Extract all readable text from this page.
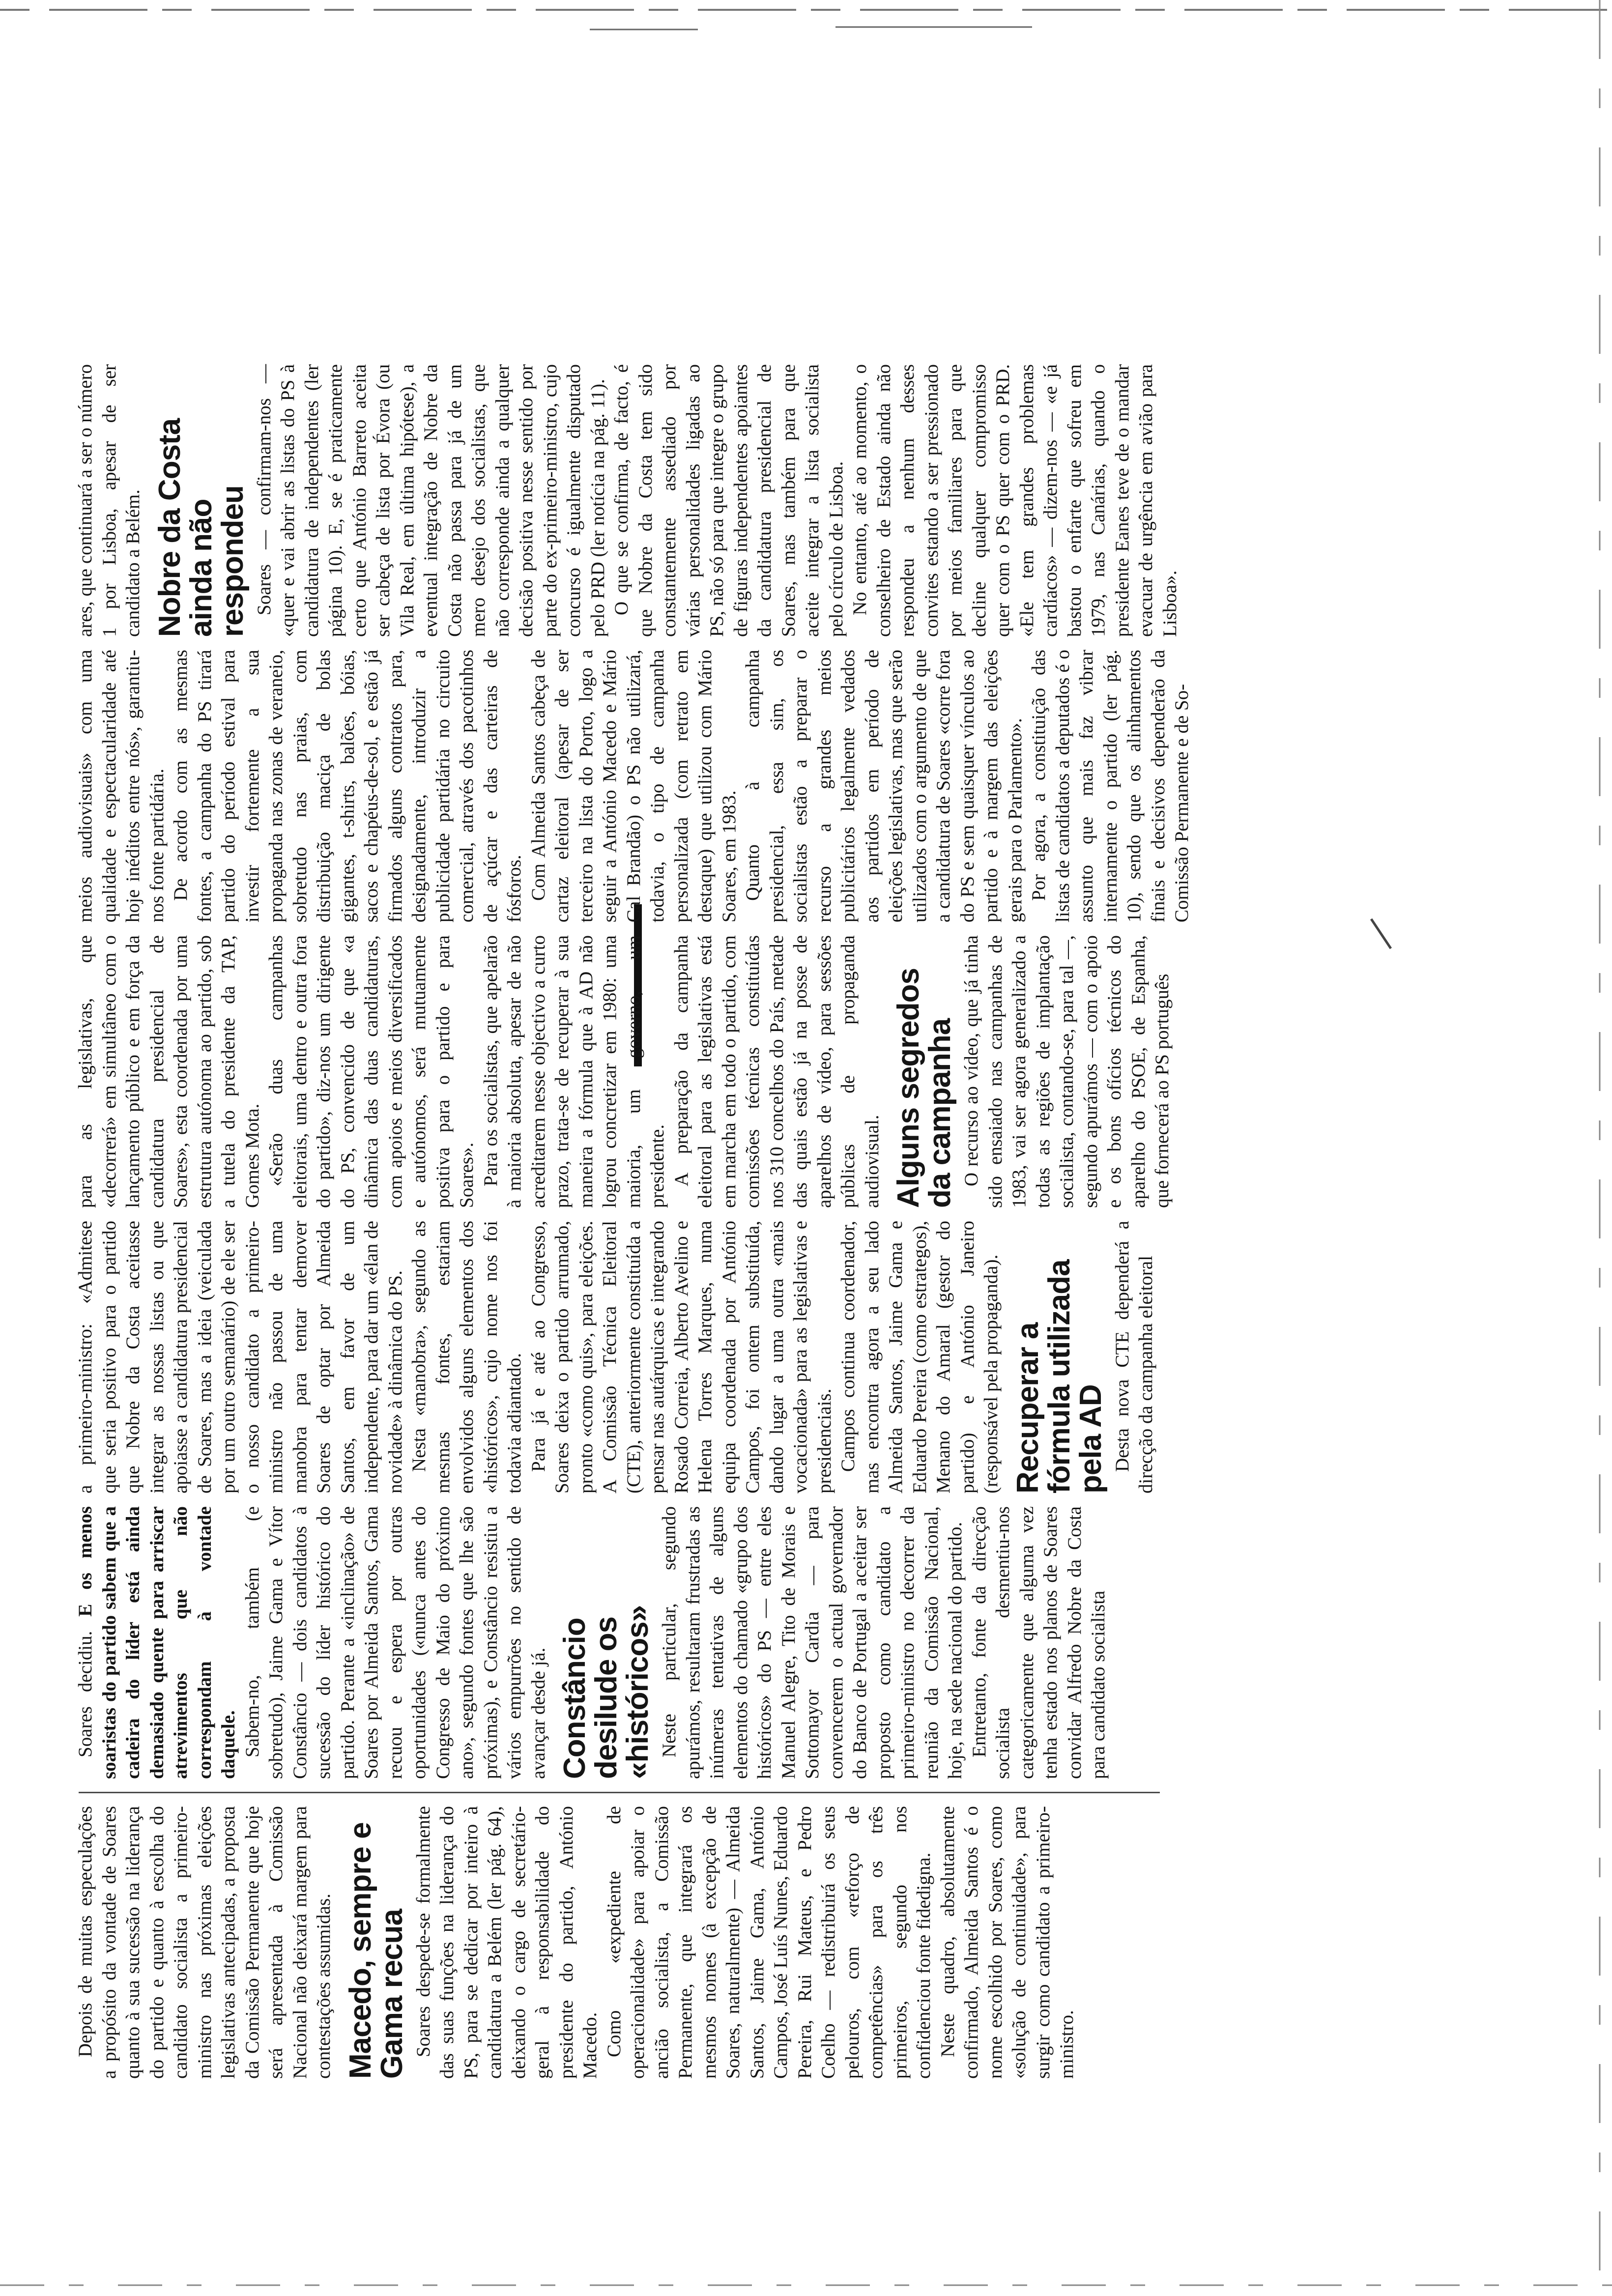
Depois de muitas especulações a propósito da vontade de Soares quanto à sua sucessão na liderança do partido e quanto à escolha do candidato socialista a primeiro-ministro nas próximas eleições legislativas antecipadas, a proposta da Comissão Permanente que hoje será apresentada à Comissão Nacional não deixará margem para contestações assumidas. Macedo, sempre e Gama recua Soares despede-se formalmente das suas funções na liderança do PS, para se dedicar por inteiro à candidatura a Belém (ler pág. 64), deixando o cargo de secretário-geral à responsabilidade do presidente do partido, António Macedo. Como «expediente de operacionalidade» para apoiar o ancião socialista, a Comissão Permanente, que integrará os mesmos nomes (à excepção de Soares, naturalmente) — Almeida Santos, Jaime Gama, António Campos, José Luís Nunes, Eduardo Pereira, Rui Mateus, e Pedro Coelho — redistribuirá os seus pelouros, com «reforço de competências» para os três primeiros, segundo nos confidenciou fonte fidedigna. Neste quadro, absolutamente confirmado, Almeida Santos é o nome escolhido por Soares, como «solução de continuidade», para surgir como candidato a primeiro-ministro.

Soares decidiu. E os menos soaristas do partido sabem que a cadeira do líder está ainda demasiado quente para arriscar atrevimentos que não correspondam à vontade daquele. Sabem-no, também (e sobretudo), Jaime Gama e Vítor Constâncio — dois candidatos à sucessão do líder histórico do partido. Perante a «inclinação» de Soares por Almeida Santos, Gama recuou e espera por outras oportunidades («nunca antes do Congresso de Maio do próximo ano», segundo fontes que lhe são próximas), e Constâncio resistiu a vários empurrões no sentido de avançar desde já. Constâncio desilude os «históricos» Neste particular, segundo apurámos, resultaram frustradas as inúmeras tentativas de alguns elementos do chamado «grupo dos históricos» do PS — entre eles Manuel Alegre, Tito de Morais e Sottomayor Cardia — para convencerem o actual governador do Banco de Portugal a aceitar ser proposto como candidato a primeiro-ministro no decorrer da reunião da Comissão Nacional, hoje, na sede nacional do partido. Entretanto, fonte da direcção socialista desmentiu-nos categoricamente que alguma vez tenha estado nos planos de Soares convidar Alfredo Nobre da Costa para candidato socialista

a primeiro-ministro: «Admitese que seria positivo para o partido que Nobre da Costa aceitasse integrar as nossas listas ou que apoiasse a candidatura presidencial de Soares, mas a ideia (veiculada por um outro semanário) de ele ser o nosso candidato a primeiro-ministro não passou de uma manobra para tentar demover Soares de optar por Almeida Santos, em favor de um independente, para dar um «élan de novidade» à dinâmica do PS. Nesta «manobra», segundo as mesmas fontes, estariam envolvidos alguns elementos dos «históricos», cujo nome nos foi todavia adiantado. Para já e até ao Congresso, Soares deixa o partido arrumado, pronto «como quis», para eleições. A Comissão Técnica Eleitoral (CTE), anteriormente constituída a pensar nas autárquicas e integrando Rosado Correia, Alberto Avelino e Helena Torres Marques, numa equipa coordenada por António Campos, foi ontem substituída, dando lugar a uma outra «mais vocacionada» para as legislativas e presidenciais. Campos continua coordenador, mas encontra agora a seu lado Almeida Santos, Jaime Gama e Eduardo Pereira (como estrategos), Menano do Amaral (gestor do partido) e António Janeiro (responsável pela propaganda). Recuperar a fórmula utilizada pela AD Desta nova CTE dependerá a direcção da campanha eleitoral

para as legislativas, que «decorrerá» em simultâneo com o lançamento público e em força da candidatura presidencial de Soares», esta coordenada por uma estrutura autónoma ao partido, sob a tutela do presidente da TAP, Gomes Mota. «Serão duas campanhas eleitorais, uma dentro e outra fora do partido», diz-nos um dirigente do PS, convencido de que «a dinâmica das duas candidaturas, com apoios e meios diversificados e autónomos, será mutuamente positiva para o partido e para Soares». Para os socialistas, que apelarão à maioria absoluta, apesar de não acreditarem nesse objectivo a curto prazo, trata-se de recuperar à sua maneira a fórmula que à AD não logrou concretizar em 1980: uma maioria, um governo, um presidente. A preparação da campanha eleitoral para as legislativas está em marcha em todo o partido, com comissões técnicas constituídas nos 310 concelhos do País, metade das quais estão já na posse de aparelhos de vídeo, para sessões públicas de propaganda audiovisual. Alguns segredos da campanha O recurso ao vídeo, que já tinha sido ensaiado nas campanhas de 1983, vai ser agora generalizado a todas as regiões de implantação socialista, contando-se, para tal —, segundo apurámos — com o apoio e os bons ofícios técnicos do aparelho do PSOE, de Espanha, que fornecerá ao PS português

meios audiovisuais» com uma qualidade e espectacularidade até hoje inéditos entre nós», garantiu-nos fonte partidária. De acordo com as mesmas fontes, a campanha do PS tirará partido do período estival para investir fortemente a sua propaganda nas zonas de veraneio, sobretudo nas praias, com distribuição maciça de bolas gigantes, t-shirts, balões, bóias, sacos e chapéus-de-sol, e estão já firmados alguns contratos para, designadamente, introduzir a publicidade partidária no circuito comercial, através dos pacotinhos de açúcar e das carteiras de fósforos. Com Almeida Santos cabeça de cartaz eleitoral (apesar de ser terceiro na lista do Porto, logo a seguir a António Macedo e Mário Cal Brandão) o PS não utilizará, todavia, o tipo de campanha personalizada (com retrato em destaque) que utilizou com Mário Soares, em 1983. Quanto à campanha presidencial, essa sim, os socialistas estão a preparar o recurso a grandes meios publicitários legalmente vedados aos partidos em período de eleições legislativas, mas que serão utilizados com o argumento de que a candidatura de Soares «corre fora do PS e sem quaisquer vínculos ao partido e à margem das eleições gerais para o Parlamento». Por agora, a constituição das listas de candidatos a deputados é o assunto que mais faz vibrar internamente o partido (ler pág. 10), sendo que os alinhamentos finais e decisivos dependerão da Comissão Permanente e de So-

ares, que continuará a ser o número 1 por Lisboa, apesar de ser candidato a Belém. Nobre da Costa ainda não respondeu Soares — confirmam-nos — «quer e vai abrir as listas do PS à candidatura de independentes (ler página 10). E, se é praticamente certo que António Barreto aceita ser cabeça de lista por Évora (ou Vila Real, em última hipótese), a eventual integração de Nobre da Costa não passa para já de um mero desejo dos socialistas, que não corresponde ainda a qualquer decisão positiva nesse sentido por parte do ex-primeiro-ministro, cujo concurso é igualmente disputado pelo PRD (ler notícia na pág. 11). O que se confirma, de facto, é que Nobre da Costa tem sido constantemente assediado por várias personalidades ligadas ao PS, não só para que integre o grupo de figuras independentes apoiantes da candidatura presidencial de Soares, mas também para que aceite integrar a lista socialista pelo círculo de Lisboa. No entanto, até ao momento, o conselheiro de Estado ainda não respondeu a nenhum desses convites estando a ser pressionado por meios familiares para que decline qualquer compromisso quer com o PS quer com o PRD. «Ele tem grandes problemas cardíacos» — dizem-nos — «e já bastou o enfarte que sofreu em 1979, nas Canárias, quando o presidente Eanes teve de o mandar evacuar de urgência em avião para Lisboa».
